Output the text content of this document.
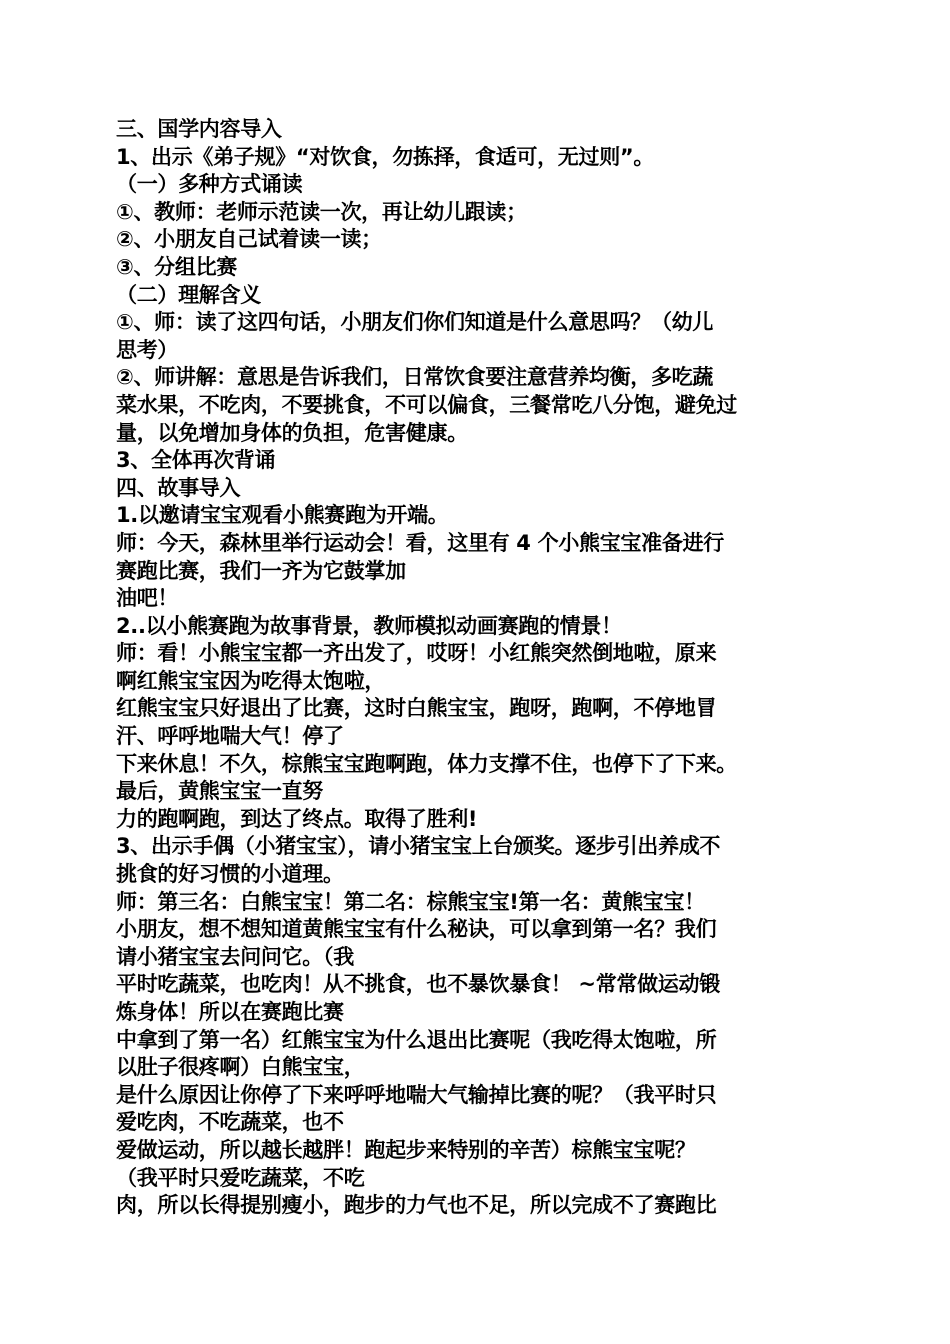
三、国学内容导入
1、出示《弟子规》“对饮食，勿拣择，食适可，无过则”。
（一）多种方式诵读
①、教师：老师示范读一次，再让幼儿跟读；
②、小朋友自己试着读一读；
③、分组比赛
（二）理解含义
①、师：读了这四句话，小朋友们你们知道是什么意思吗？（幼儿
思考）
②、师讲解：意思是告诉我们，日常饮食要注意营养均衡，多吃蔬
菜水果，不吃肉，不要挑食，不可以偏食，三餐常吃八分饱，避免过
量，以免增加身体的负担，危害健康。
3、全体再次背诵
四、故事导入
1.以邀请宝宝观看小熊赛跑为开端。
师：今天，森林里举行运动会！看，这里有 4 个小熊宝宝准备进行
赛跑比赛，我们一齐为它鼓掌加
油吧！
2..以小熊赛跑为故事背景，教师模拟动画赛跑的情景！
师：看！小熊宝宝都一齐出发了，哎呀！小红熊突然倒地啦，原来
啊红熊宝宝因为吃得太饱啦，
红熊宝宝只好退出了比赛，这时白熊宝宝，跑呀，跑啊，不停地冒
汗、呼呼地喘大气！停了
下来休息！不久，棕熊宝宝跑啊跑，体力支撑不住，也停下了下来。
最后，黄熊宝宝一直努
力的跑啊跑，到达了终点。取得了胜利!
3、出示手偶（小猪宝宝），请小猪宝宝上台颁奖。逐步引出养成不
挑食的好习惯的小道理。
师：第三名：白熊宝宝！第二名：棕熊宝宝!第一名：黄熊宝宝！
小朋友，想不想知道黄熊宝宝有什么秘诀，可以拿到第一名？我们
请小猪宝宝去问问它。（我
平时吃蔬菜，也吃肉！从不挑食，也不暴饮暴食！ ~常常做运动锻
炼身体！所以在赛跑比赛
中拿到了第一名）红熊宝宝为什么退出比赛呢（我吃得太饱啦，所
以肚子很疼啊）白熊宝宝，
是什么原因让你停了下来呼呼地喘大气输掉比赛的呢？（我平时只
爱吃肉，不吃蔬菜，也不
爱做运动，所以越长越胖！跑起步来特别的辛苦）棕熊宝宝呢？
（我平时只爱吃蔬菜，不吃
肉，所以长得提别瘦小，跑步的力气也不足，所以完成不了赛跑比
